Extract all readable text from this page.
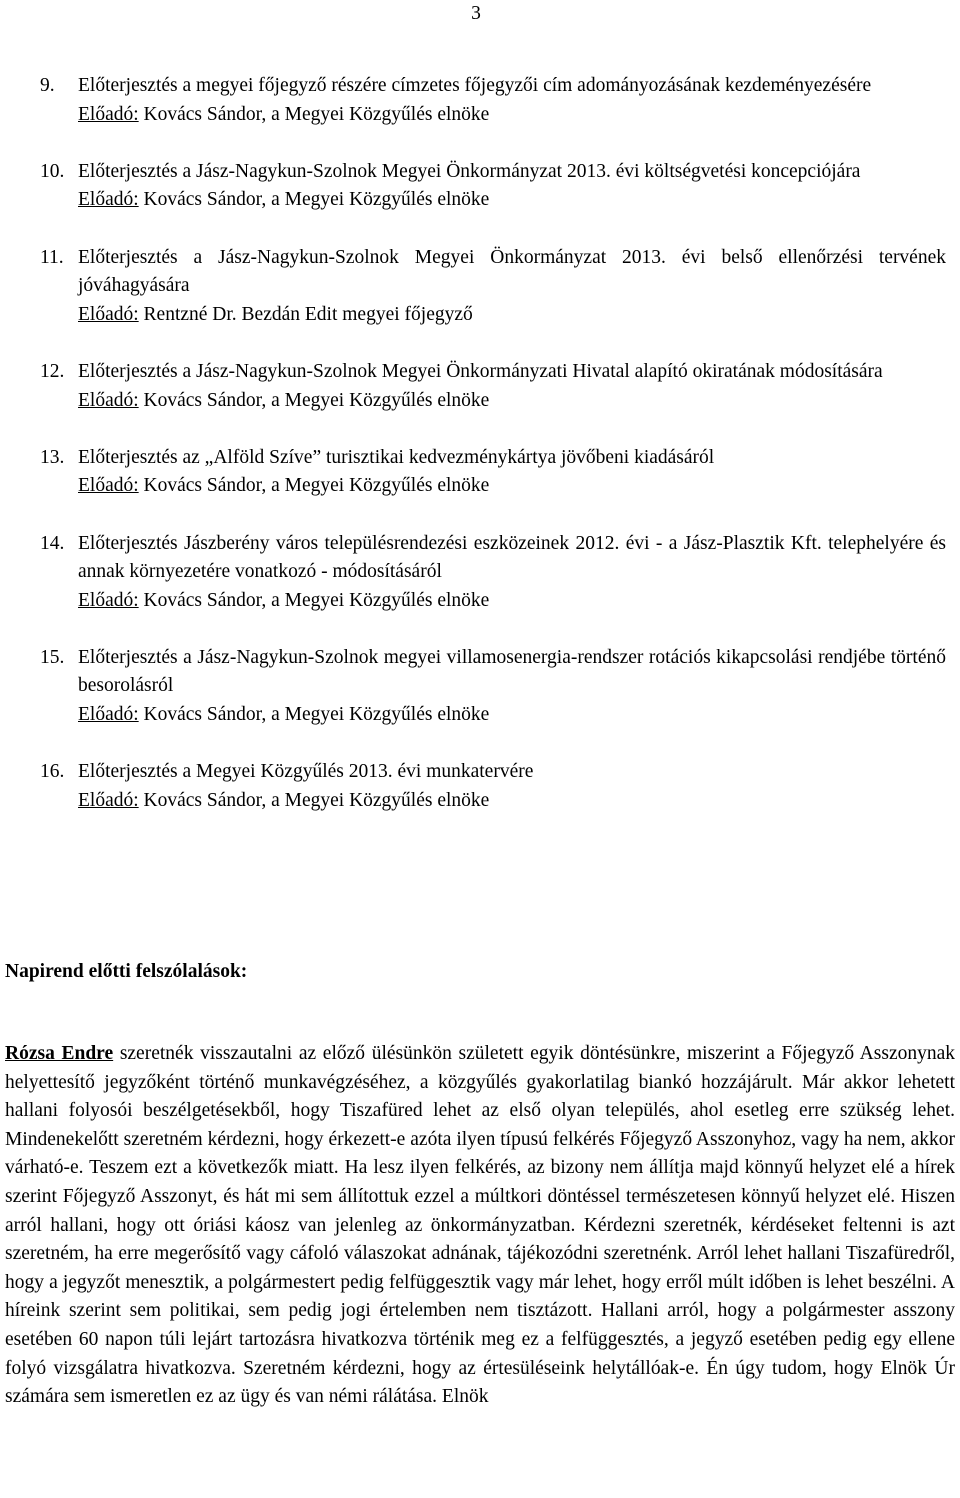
3
9. Előterjesztés a megyei főjegyző részére címzetes főjegyzői cím adományozásának kezdeményezésére
Előadó: Kovács Sándor, a Megyei Közgyűlés elnöke
10. Előterjesztés a Jász-Nagykun-Szolnok Megyei Önkormányzat 2013. évi költségvetési koncepciójára
Előadó: Kovács Sándor, a Megyei Közgyűlés elnöke
11. Előterjesztés a Jász-Nagykun-Szolnok Megyei Önkormányzat 2013. évi belső ellenőrzési tervének jóváhagyására
Előadó: Rentzné Dr. Bezdán Edit megyei főjegyző
12. Előterjesztés a Jász-Nagykun-Szolnok Megyei Önkormányzati Hivatal alapító okiratának módosítására
Előadó: Kovács Sándor, a Megyei Közgyűlés elnöke
13. Előterjesztés az „Alföld Szíve” turisztikai kedvezménykártya jövőbeni kiadásáról
Előadó: Kovács Sándor, a Megyei Közgyűlés elnöke
14. Előterjesztés Jászberény város településrendezési eszközeinek 2012. évi - a Jász-Plasztik Kft. telephelyére és annak környezetére vonatkozó - módosításáról
Előadó: Kovács Sándor, a Megyei Közgyűlés elnöke
15. Előterjesztés a Jász-Nagykun-Szolnok megyei villamosenergia-rendszer rotációs kikapcsolási rendjébe történő besorolásról
Előadó: Kovács Sándor, a Megyei Közgyűlés elnöke
16. Előterjesztés a Megyei Közgyűlés 2013. évi munkatervére
Előadó: Kovács Sándor, a Megyei Közgyűlés elnöke
Napirend előtti felszólalások:

Rózsa Endre szeretnék visszautalni az előző ülésünkön született egyik döntésünkre, miszerint a Főjegyző Asszonynak helyettesítő jegyzőként történő munkavégzéséhez, a közgyűlés gyakorlatilag biankó hozzájárult. Már akkor lehetett hallani folyosói beszélgetésekből, hogy Tiszafüred lehet az első olyan település, ahol esetleg erre szükség lehet. Mindenekelőtt szeretném kérdezni, hogy érkezett-e azóta ilyen típusú felkérés Főjegyző Asszonyhoz, vagy ha nem, akkor várható-e. Teszem ezt a következők miatt. Ha lesz ilyen felkérés, az bizony nem állítja majd könnyű helyzet elé a hírek szerint Főjegyző Asszonyt, és hát mi sem állítottuk ezzel a múltkori döntéssel természetesen könnyű helyzet elé. Hiszen arról hallani, hogy ott óriási káosz van jelenleg az önkormányzatban. Kérdezni szeretnék, kérdéseket feltenni is azt szeretném, ha erre megerősítő vagy cáfoló válaszokat adnának, tájékozódni szeretnénk. Arról lehet hallani Tiszafüredről, hogy a jegyzőt menesztik, a polgármestert pedig felfüggesztik vagy már lehet, hogy erről múlt időben is lehet beszélni. A híreink szerint sem politikai, sem pedig jogi értelemben nem tisztázott. Hallani arról, hogy a polgármester asszony esetében 60 napon túli lejárt tartozásra hivatkozva történik meg ez a felfüggesztés, a jegyző esetében pedig egy ellene folyó vizsgálatra hivatkozva. Szeretném kérdezni, hogy az értesüléseink helytállóak-e. Én úgy tudom, hogy Elnök Úr számára sem ismeretlen ez az ügy és van némi rálátása. Elnök
